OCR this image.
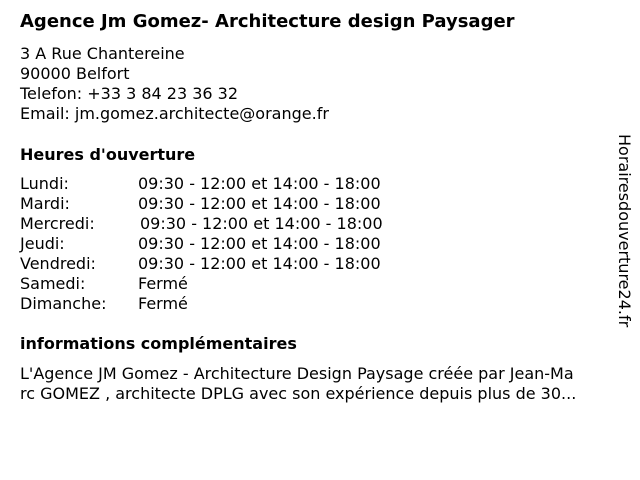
Agence Jm Gomez- Architecture design Paysager
3 A Rue Chantereine
90000 Belfort
Telefon: +33 3 84 23 36 32
Email: jm.gomez.architecte@orange.fr
Heures d'ouverture
Lundi:	09:30 - 12:00 et 14:00 - 18:00
Mardi:	09:30 - 12:00 et 14:00 - 18:00
Mercredi:	09:30 - 12:00 et 14:00 - 18:00
Jeudi:	09:30 - 12:00 et 14:00 - 18:00
Vendredi:	09:30 - 12:00 et 14:00 - 18:00
Samedi:	Fermé
Dimanche: Fermé
informations complémentaires
L'Agence JM Gomez - Architecture Design Paysage créée par Jean-Ma
rc GOMEZ , architecte DPLG avec son expérience depuis plus de 30...
Horairesdouverture24.fr
